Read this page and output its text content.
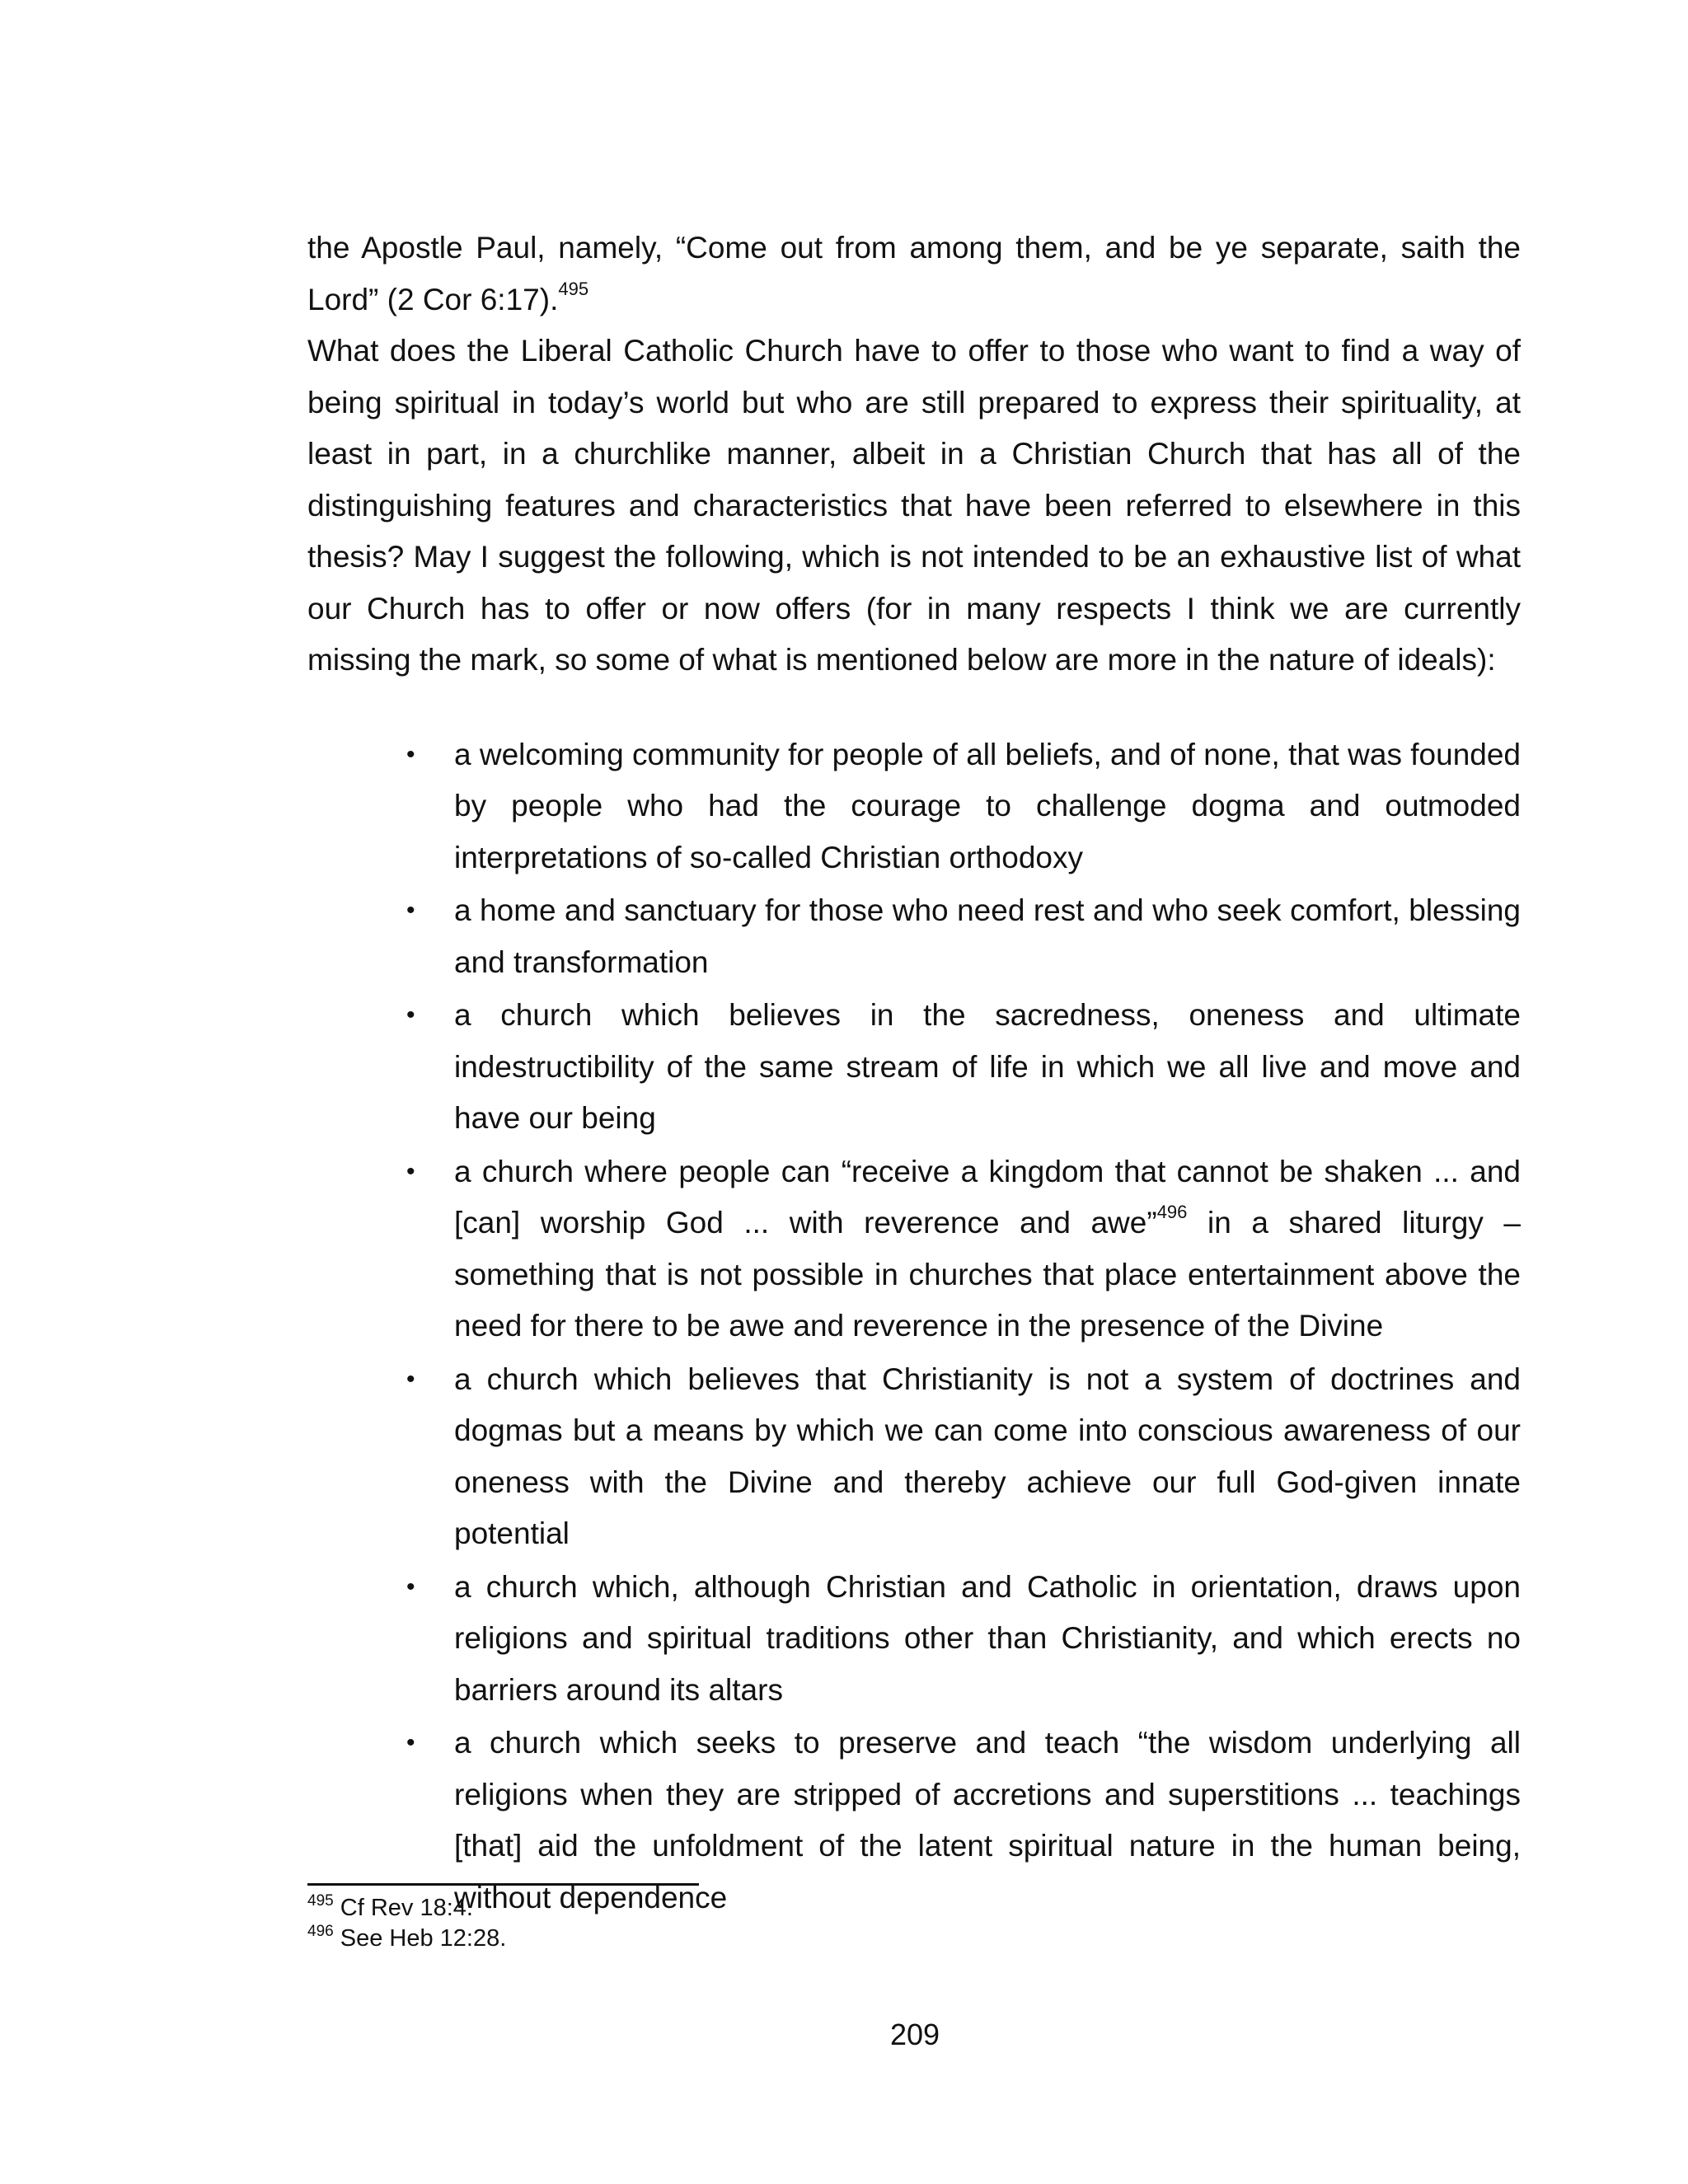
the Apostle Paul, namely, “Come out from among them, and be ye separate, saith the Lord” (2 Cor 6:17).$^{495}$

What does the Liberal Catholic Church have to offer to those who want to find a way of being spiritual in today’s world but who are still prepared to express their spirituality, at least in part, in a churchlike manner, albeit in a Christian Church that has all of the distinguishing features and characteristics that have been referred to elsewhere in this thesis? May I suggest the following, which is not intended to be an exhaustive list of what our Church has to offer or now offers (for in many respects I think we are currently missing the mark, so some of what is mentioned below are more in the nature of ideals):

• a welcoming community for people of all beliefs, and of none, that was founded by people who had the courage to challenge dogma and outmoded interpretations of so-called Christian orthodoxy
• a home and sanctuary for those who need rest and who seek comfort, blessing and transformation
• a church which believes in the sacredness, oneness and ultimate indestructibility of the same stream of life in which we all live and move and have our being
• a church where people can “receive a kingdom that cannot be shaken ... and [can] worship God ... with reverence and awe”$^{496}$ in a shared liturgy – something that is not possible in churches that place entertainment above the need for there to be awe and reverence in the presence of the Divine
• a church which believes that Christianity is not a system of doctrines and dogmas but a means by which we can come into conscious awareness of our oneness with the Divine and thereby achieve our full God-given innate potential
• a church which, although Christian and Catholic in orientation, draws upon religions and spiritual traditions other than Christianity, and which erects no barriers around its altars
• a church which seeks to preserve and teach “the wisdom underlying all religions when they are stripped of accretions and superstitions ... teachings [that] aid the unfoldment of the latent spiritual nature in the human being, without dependence
$^{495}$ Cf Rev 18:4.
$^{496}$ See Heb 12:28.
209
